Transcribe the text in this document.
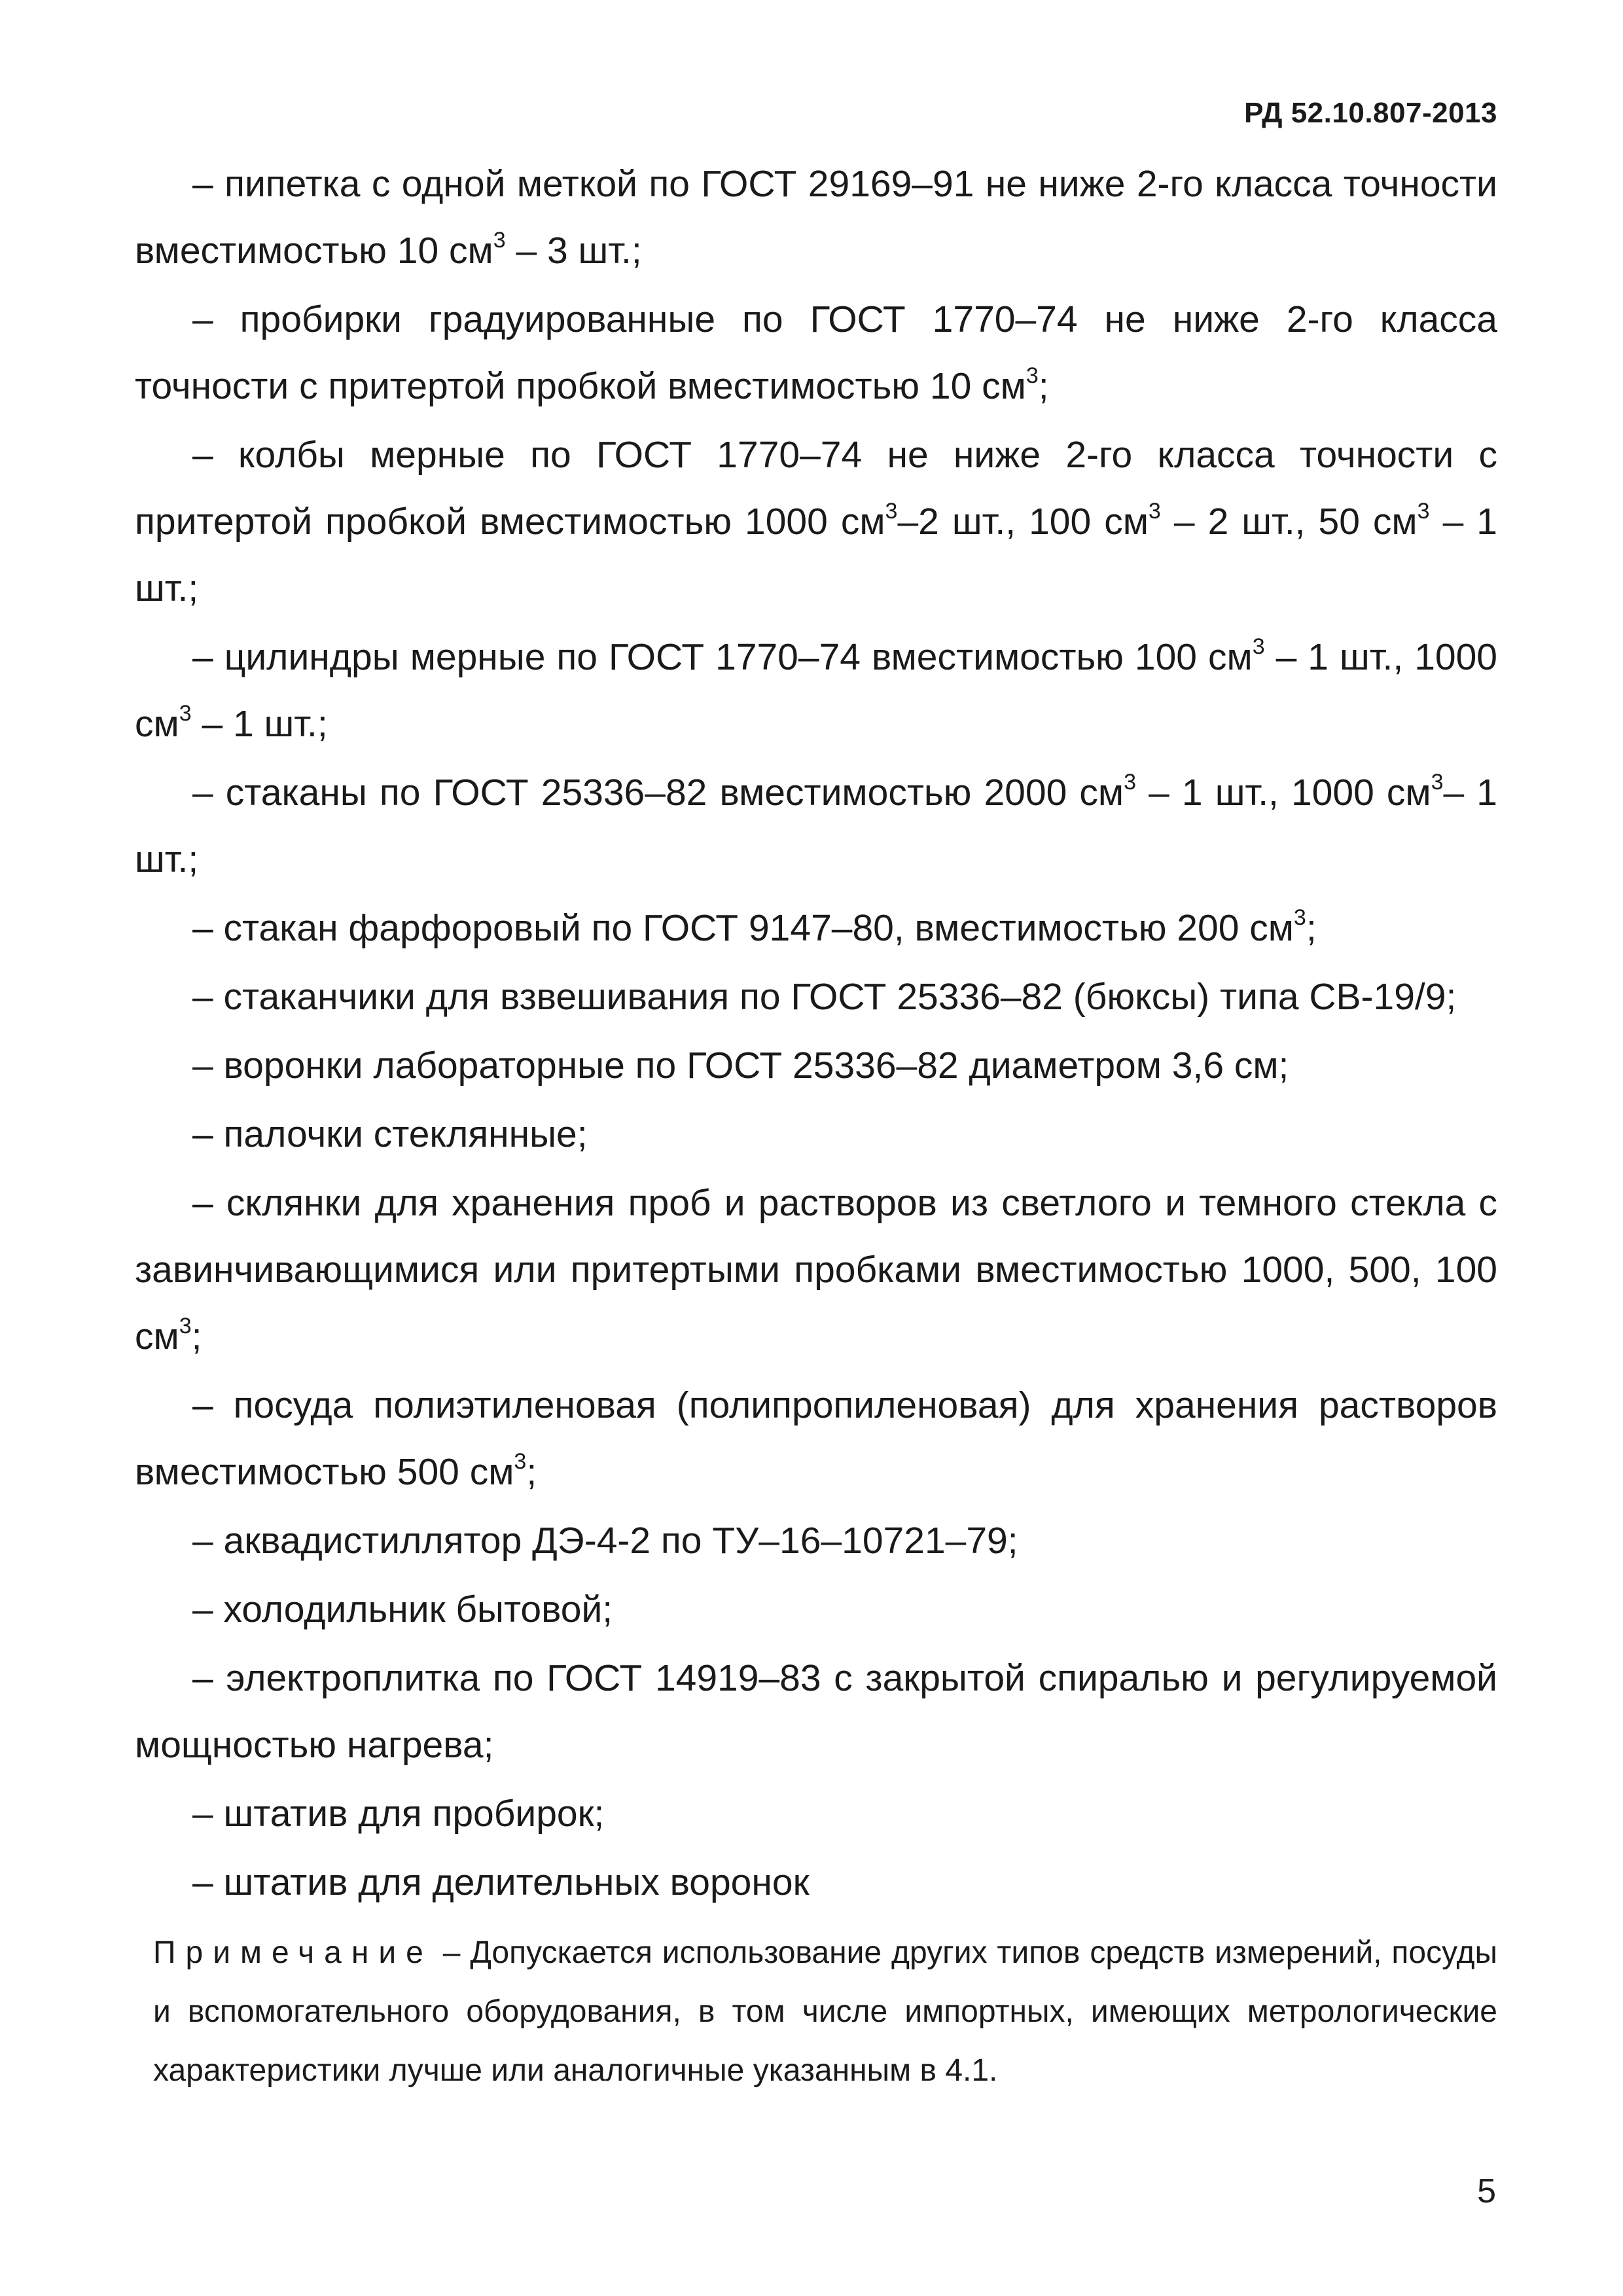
РД 52.10.807-2013

– пипетка с одной меткой по ГОСТ 29169–91 не ниже 2-го класса точности вместимостью 10 $см^3 - 3$ шт.;

– пробирки градуированные по ГОСТ 1770–74 не ниже 2-го класса точности с притертой пробкой вместимостью 10 $см^3$;

– колбы мерные по ГОСТ 1770–74 не ниже 2-го класса точности с притертой пробкой вместимостью 1000 $см^3-2$ шт., 100 $см^3 - 2$ шт., 50 $см^3 - 1$ шт.;

– цилиндры мерные по ГОСТ 1770–74 вместимостью 100 $см^3 - 1$ шт., 1000 $см^3 - 1$ шт.;

– стаканы по ГОСТ 25336–82 вместимостью 2000 $см^3 - 1$ шт., 1000 $см^3-$ 1 шт.;

– стакан фарфоровый по ГОСТ 9147–80, вместимостью 200 $см^3$;

– стаканчики для взвешивания по ГОСТ 25336–82 (бюксы) типа СВ-19/9;

– воронки лабораторные по ГОСТ 25336–82 диаметром 3,6 см;

– палочки стеклянные;

– склянки для хранения проб и растворов из светлого и темного стекла с завинчивающимися или притертыми пробками вместимостью 1000, 500, 100 $см^3$;

– посуда полиэтиленовая (полипропиленовая) для хранения растворов вместимостью 500 $см^3$;

– аквадистиллятор ДЭ-4-2 по ТУ–16–10721–79;

– холодильник бытовой;

– электроплитка по ГОСТ 14919–83 с закрытой спиралью и регулируемой мощностью нагрева;

– штатив для пробирок;

– штатив для делительных воронок

Примечание – Допускается использование других типов средств измерений, посуды и вспомогательного оборудования, в том числе импортных, имеющих метрологические характеристики лучше или аналогичные указанным в 4.1.

5
